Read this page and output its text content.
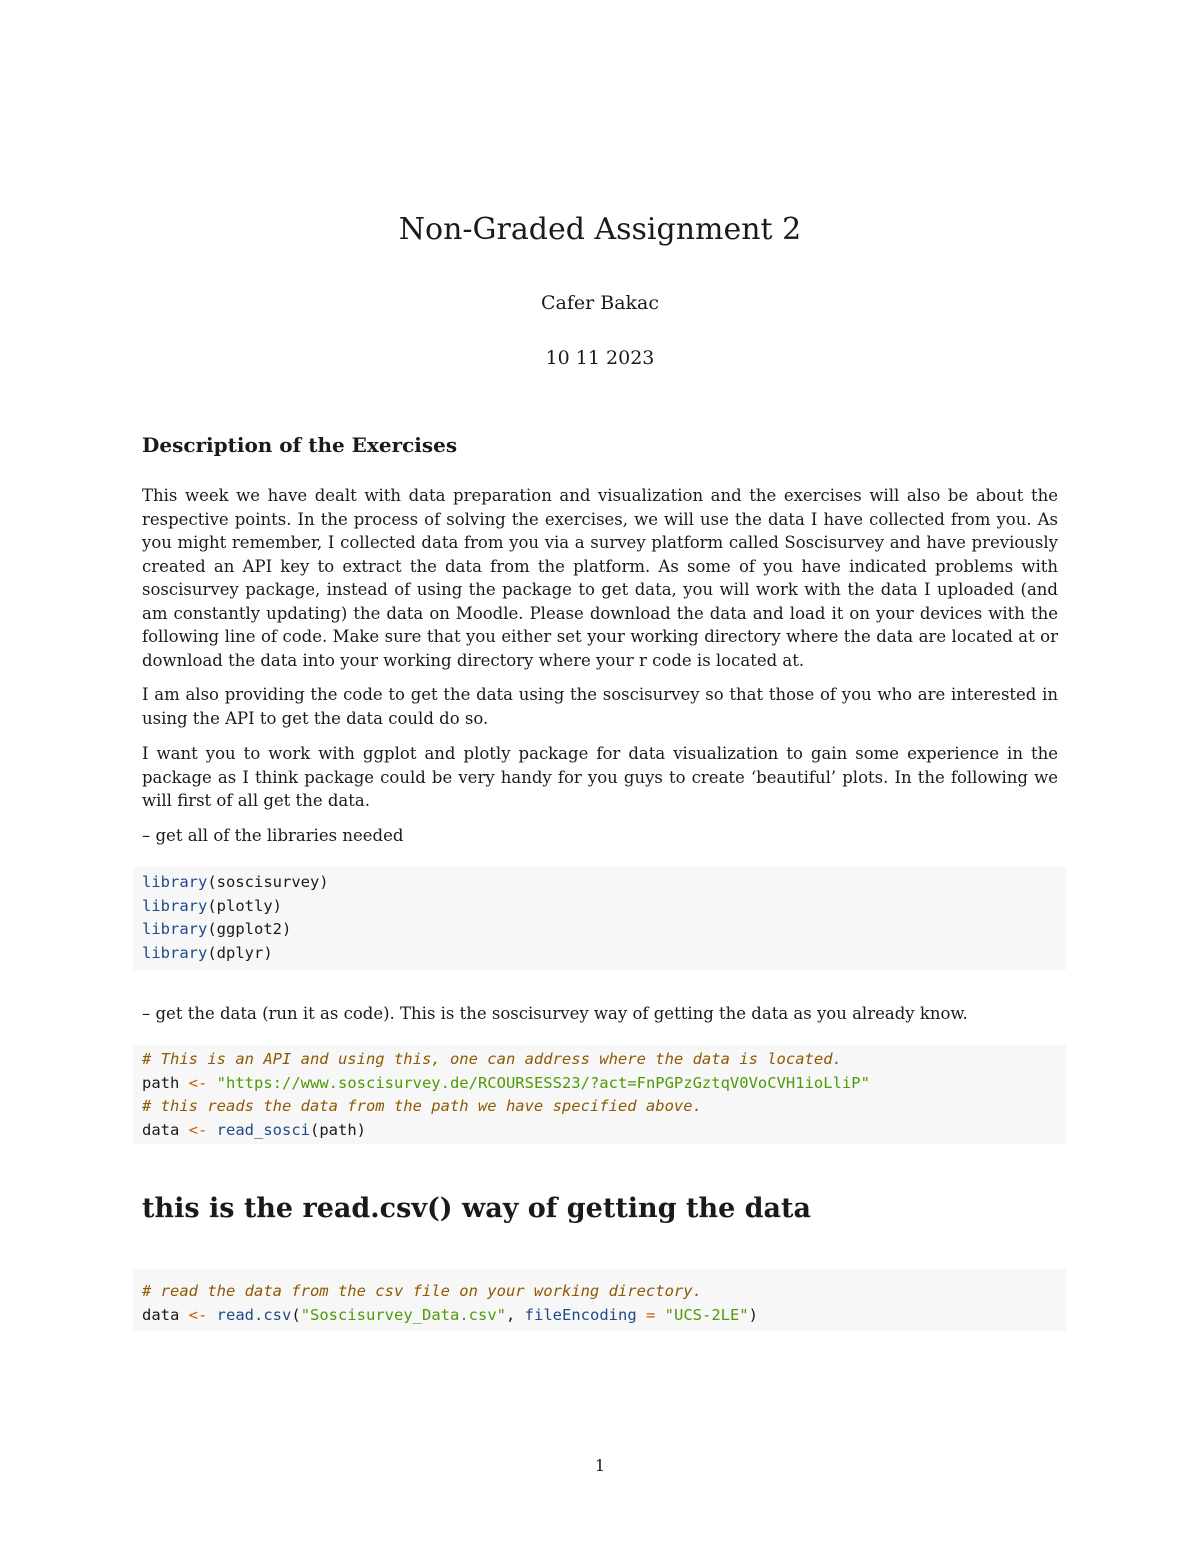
Non-Graded Assignment 2
Cafer Bakac
10 11 2023
Description of the Exercises

This week we have dealt with data preparation and visualization and the exercises will also be about the respective points. In the process of solving the exercises, we will use the data I have collected from you. As you might remember, I collected data from you via a survey platform called Soscisurvey and have previously created an API key to extract the data from the platform. As some of you have indicated problems with soscisurvey package, instead of using the package to get data, you will work with the data I uploaded (and am constantly updating) the data on Moodle. Please download the data and load it on your devices with the following line of code. Make sure that you either set your working directory where the data are located at or download the data into your working directory where your r code is located at.

I am also providing the code to get the data using the soscisurvey so that those of you who are interested in using the API to get the data could do so.

I want you to work with ggplot and plotly package for data visualization to gain some experience in the package as I think package could be very handy for you guys to create ‘beautiful’ plots. In the following we will first of all get the data.

– get all of the libraries needed

library(soscisurvey)
library(plotly)
library(ggplot2)
library(dplyr)

– get the data (run it as code). This is the soscisurvey way of getting the data as you already know.

# This is an API and using this, one can address where the data is located.
path <- "https://www.soscisurvey.de/RCOURSESS23/?act=FnPGPzGztqV0VoCVH1ioLliP"
# this reads the data from the path we have specified above.
data <- read_sosci(path)
this is the read.csv() way of getting the data
# read the data from the csv file on your working directory.
data <- read.csv("Soscisurvey_Data.csv", fileEncoding = "UCS-2LE")
1
